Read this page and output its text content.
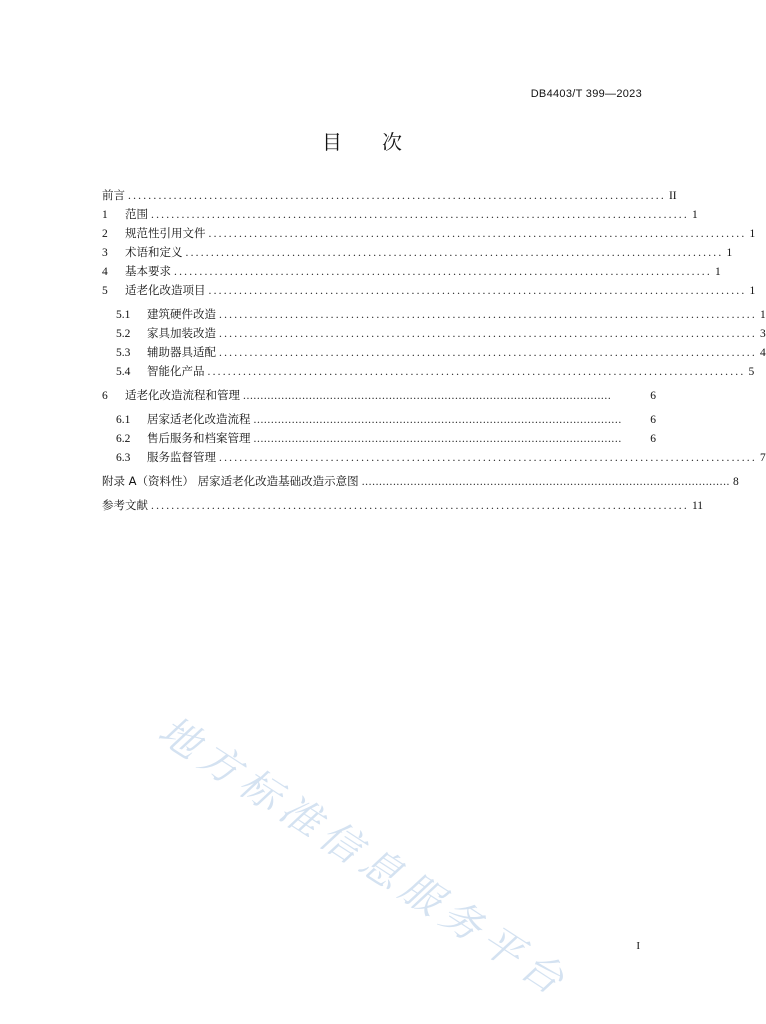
DB4403/T 399—2023
目 次
前言 .......................................................................................................... II
1	范围 .......................................................................................................... 1
2	规范性引用文件 .......................................................................................................... 1
3	术语和定义 .......................................................................................................... 1
4	基本要求 .......................................................................................................... 1
5	适老化改造项目 .......................................................................................................... 1
5.1	建筑硬件改造 .......................................................................................................... 1
5.2	家具加装改造 .......................................................................................................... 3
5.3	辅助器具适配 .......................................................................................................... 4
5.4	智能化产品 .......................................................................................................... 5
6	适老化改造流程和管理 ..........................................................................................................	6
6.1	居家适老化改造流程 ..........................................................................................................	6
6.2	售后服务和档案管理 ..........................................................................................................	6
6.3	服务监督管理 .......................................................................................................... 7
附录 A（资料性） 居家适老化改造基础改造示意图 .......................................................................................................... 8
参考文献 .......................................................................................................... 11
地方标准信息服务平台	I
